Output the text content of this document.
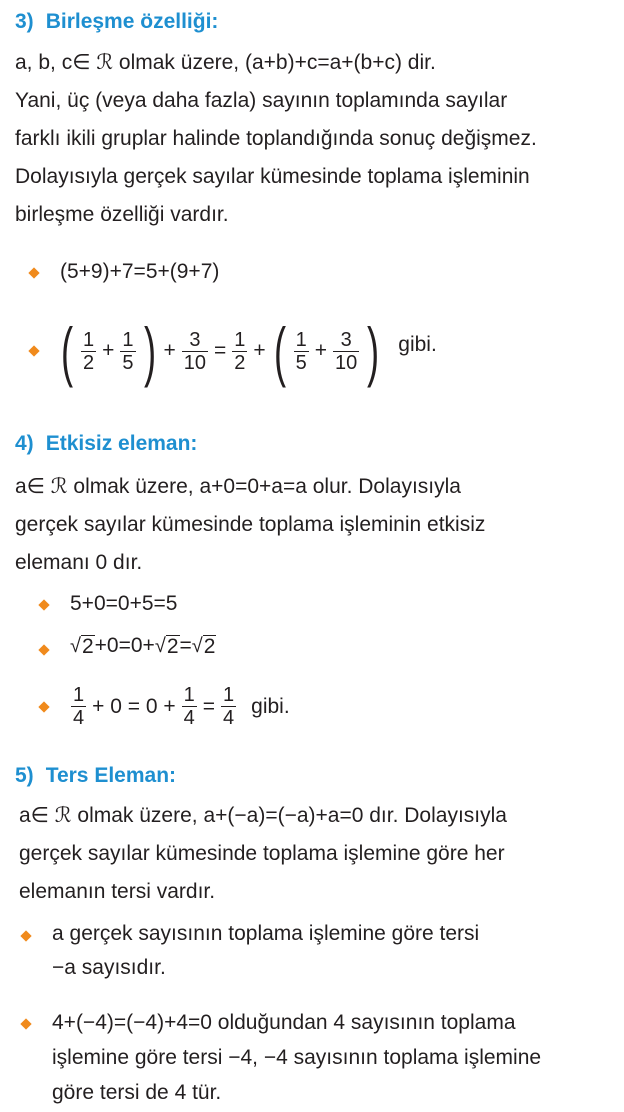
3) Birleşme özelliği:

a, b, c∈ ℛ olmak üzere, (a+b)+c=a+(b+c) dir.
Yani, üç (veya daha fazla) sayının toplamında sayılar
farklı ikili gruplar halinde toplandığında sonuç değişmez.
Dolayısıyla gerçek sayılar kümesinde toplama işleminin
birleşme özelliği vardır.

(5+9)+7=5+(9+7)
( $\frac{1}{2} + \frac{1}{5}$ ) + $\frac{3}{10} = \frac{1}{2}$ + ( $\frac{1}{5} + \frac{3}{10}$ ) gibi.
4) Etkisiz eleman:

a∈ ℛ olmak üzere, a+0=0+a=a olur. Dolayısıyla
gerçek sayılar kümesinde toplama işleminin etkisiz
elemanı 0 dır.

5+0=0+5=5
√ 2 +0=0+ √ 2 = √ 2
$\frac{1}{4} + 0 = 0 + \frac{1}{4} = \frac{1}{4}$ gibi.
5) Ters Eleman:

a∈ ℛ olmak üzere, a+(−a)=(−a)+a=0 dır. Dolayısıyla
gerçek sayılar kümesinde toplama işlemine göre her
elemanın tersi vardır.

a gerçek sayısının toplama işlemine göre tersi
−a sayısıdır.
4+(−4)=(−4)+4=0 olduğundan 4 sayısının toplama
işlemine göre tersi −4, −4 sayısının toplama işlemine
göre tersi de 4 tür.
